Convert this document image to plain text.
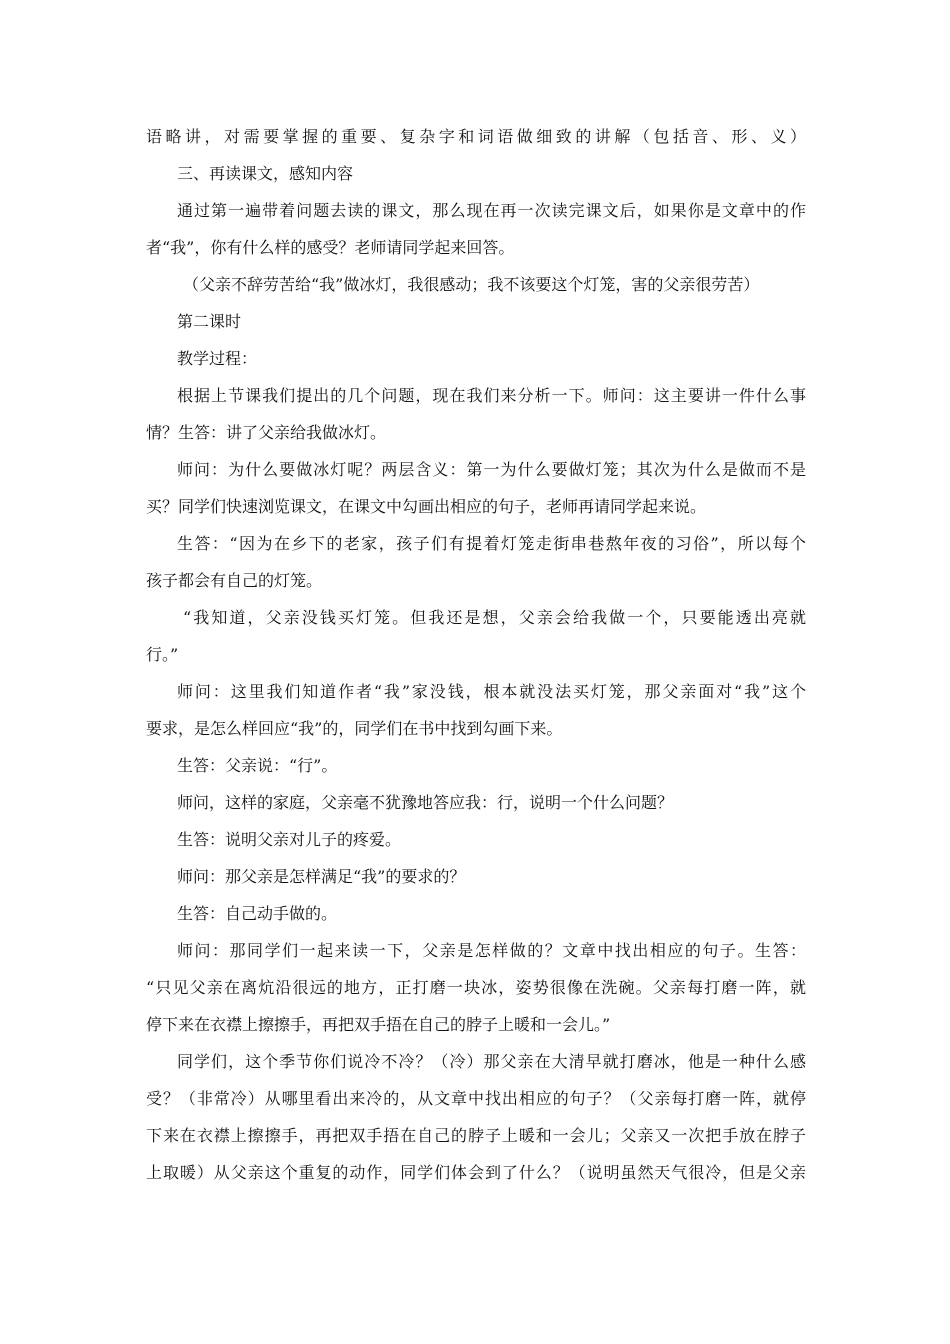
语略讲，对需要掌握的重要、复杂字和词语做细致的讲解（包括音、形、义）
三、再读课文，感知内容
通过第一遍带着问题去读的课文，那么现在再一次读完课文后，如果你是文章中的作
者“我”，你有什么样的感受？老师请同学起来回答。
（父亲不辞劳苦给“我”做冰灯，我很感动；我不该要这个灯笼，害的父亲很劳苦）
第二课时
教学过程：
根据上节课我们提出的几个问题，现在我们来分析一下。师问：这主要讲一件什么事
情？生答：讲了父亲给我做冰灯。
师问：为什么要做冰灯呢？两层含义：第一为什么要做灯笼；其次为什么是做而不是
买？同学们快速浏览课文，在课文中勾画出相应的句子，老师再请同学起来说。
生答：“因为在乡下的老家，孩子们有提着灯笼走街串巷熬年夜的习俗”，所以每个
孩子都会有自己的灯笼。
“我知道，父亲没钱买灯笼。但我还是想，父亲会给我做一个，只要能透出亮就
行。”
师问：这里我们知道作者“我”家没钱，根本就没法买灯笼，那父亲面对“我”这个
要求，是怎么样回应“我”的，同学们在书中找到勾画下来。
生答：父亲说：“行”。
师问，这样的家庭，父亲毫不犹豫地答应我：行，说明一个什么问题？
生答：说明父亲对儿子的疼爱。
师问：那父亲是怎样满足“我”的要求的？
生答：自己动手做的。
师问：那同学们一起来读一下，父亲是怎样做的？文章中找出相应的句子。生答：
“只见父亲在离炕沿很远的地方，正打磨一块冰，姿势很像在洗碗。父亲每打磨一阵，就
停下来在衣襟上擦擦手，再把双手捂在自己的脖子上暖和一会儿。”
同学们，这个季节你们说冷不冷？（冷）那父亲在大清早就打磨冰，他是一种什么感
受？（非常冷）从哪里看出来冷的，从文章中找出相应的句子？（父亲每打磨一阵，就停
下来在衣襟上擦擦手，再把双手捂在自己的脖子上暖和一会儿；父亲又一次把手放在脖子
上取暖）从父亲这个重复的动作，同学们体会到了什么？（说明虽然天气很冷，但是父亲
